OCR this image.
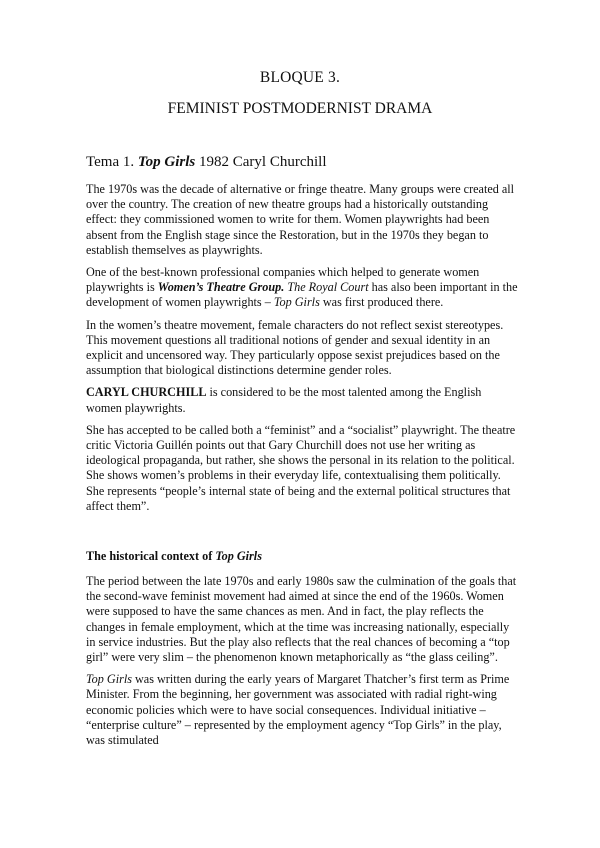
BLOQUE 3.
FEMINIST POSTMODERNIST DRAMA
Tema 1. Top Girls 1982 Caryl Churchill

The 1970s was the decade of alternative or fringe theatre. Many groups were created all over the country. The creation of new theatre groups had a historically outstanding effect: they commissioned women to write for them. Women playwrights had been absent from the English stage since the Restoration, but in the 1970s they began to establish themselves as playwrights.

One of the best-known professional companies which helped to generate women playwrights is Women’s Theatre Group. The Royal Court has also been important in the development of women playwrights – Top Girls was first produced there.

In the women’s theatre movement, female characters do not reflect sexist stereotypes. This movement questions all traditional notions of gender and sexual identity in an explicit and uncensored way. They particularly oppose sexist prejudices based on the assumption that biological distinctions determine gender roles.

CARYL CHURCHILL is considered to be the most talented among the English women playwrights.

She has accepted to be called both a “feminist” and a “socialist” playwright. The theatre critic Victoria Guillén points out that Gary Churchill does not use her writing as ideological propaganda, but rather, she shows the personal in its relation to the political. She shows women’s problems in their everyday life, contextualising them politically. She represents “people’s internal state of being and the external political structures that affect them”.

The historical context of Top Girls

The period between the late 1970s and early 1980s saw the culmination of the goals that the second-wave feminist movement had aimed at since the end of the 1960s. Women were supposed to have the same chances as men. And in fact, the play reflects the changes in female employment, which at the time was increasing nationally, especially in service industries. But the play also reflects that the real chances of becoming a “top girl” were very slim – the phenomenon known metaphorically as “the glass ceiling”.

Top Girls was written during the early years of Margaret Thatcher’s first term as Prime Minister. From the beginning, her government was associated with radial right-wing economic policies which were to have social consequences. Individual initiative – “enterprise culture” – represented by the employment agency “Top Girls” in the play, was stimulated
